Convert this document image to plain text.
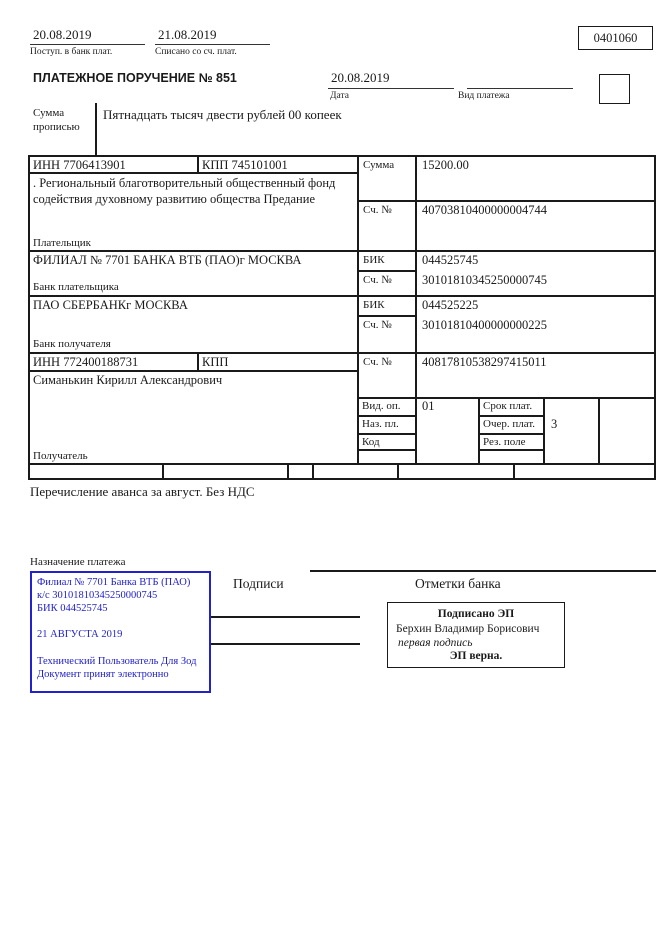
20.08.2019
Поступ. в банк плат.
21.08.2019
Списано со сч. плат.
0401060
ПЛАТЕЖНОЕ ПОРУЧЕНИЕ № 851	20.08.2019
Дата	Вид платежа
Сумма
прописью
Пятнадцать тысяч двести рублей 00 копеек
ИНН 7706413901	КПП 745101001	Сумма 15200.00
. Региональный благотворительный общественный фонд содействия духовному развитию общества Предание
Сч. № 40703810400000004744
Плательщик
ФИЛИАЛ № 7701 БАНКА ВТБ (ПАО)г МОСКВА	БИК	044525745
Сч. № 30101810345250000745
Банк плательщика
ПАО СБЕРБАНКг МОСКВА	БИК	044525225
Сч. № 30101810400000000225
Банк получателя
ИНН 772400188731	КПП	Сч. № 40817810538297415011
Симанькин Кирилл Александрович
Получатель
Вид. оп. 01	Срок плат.
Наз. пл.	Очер. плат. 3
Код	Рез. поле
Перечисление аванса за август. Без НДС
Назначение платежа
Подписи	Отметки банка
Филиал № 7701 Банка ВТБ (ПАО)
к/с 30101810345250000745
БИК 044525745
21 АВГУСТА 2019
Технический Пользователь Для Зод
Документ принят электронно
Подписано ЭП
Берхин Владимир Борисович
первая подпись
ЭП верна.
